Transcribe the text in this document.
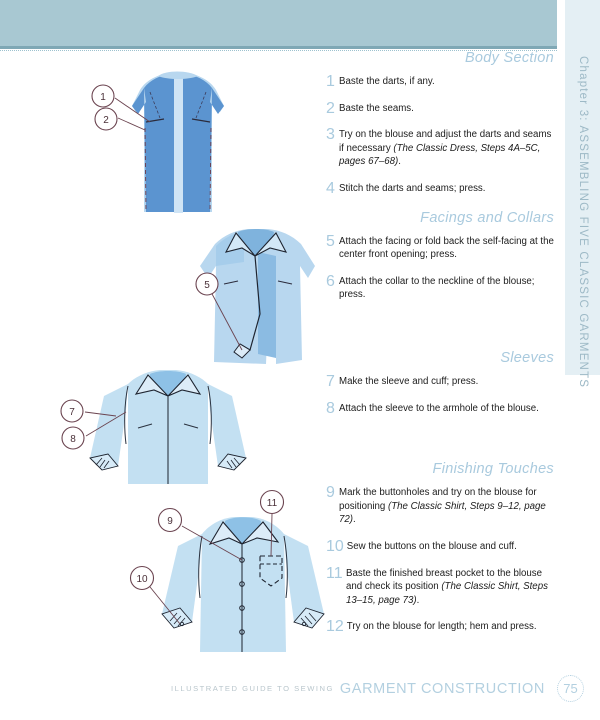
THE CLASSIC BLOUSE
Chapter 3: ASSEMBLING FIVE CLASSIC GARMENTS
1
2
5
7
8
9
11
10
Body Section
1 Baste the darts, if any.
2 Baste the seams.
3 Try on the blouse and adjust the darts and seams if necessary (The Classic Dress, Steps 4A–5C, pages 67–68).
4 Stitch the darts and seams; press.
Facings and Collars
5 Attach the facing or fold back the self-facing at the center front opening; press.
6 Attach the collar to the neckline of the blouse; press.
Sleeves
7 Make the sleeve and cuff; press.
8 Attach the sleeve to the armhole of the blouse.
Finishing Touches
9 Mark the buttonholes and try on the blouse for positioning (The Classic Shirt, Steps 9–12, page 72).
10 Sew the buttons on the blouse and cuff.
11 Baste the finished breast pocket to the blouse and check its position (The Classic Shirt, Steps 13–15, page 73).
12 Try on the blouse for length; hem and press.
ILLUSTRATED GUIDE TO SEWING GARMENT CONSTRUCTION	75
